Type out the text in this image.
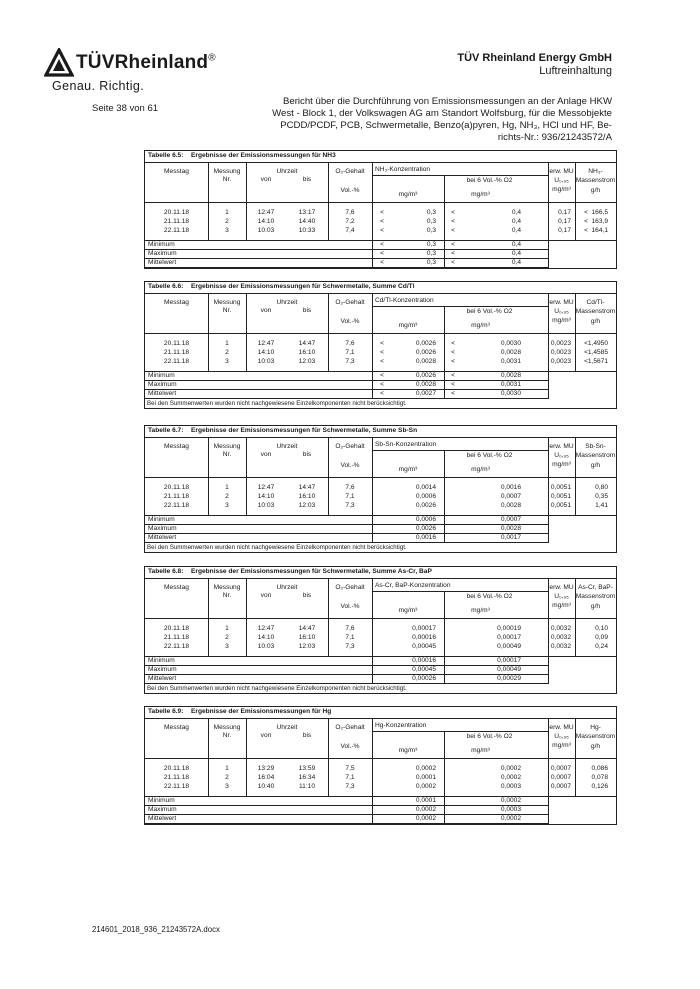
TÜVRheinland®
Genau. Richtig.
TÜV Rheinland Energy GmbH
Luftreinhaltung
Seite 38 von 61
Bericht über die Durchführung von Emissionsmessungen an der Anlage HKW
West - Block 1, der Volkswagen AG am Standort Wolfsburg, für die Messobjekte
PCDD/PCDF, PCB, Schwermetalle, Benzo(a)pyren, Hg, NH₃, HCl und HF, Be-
richts-Nr.: 936/21243572/A
Tabelle 6.5: Ergebnisse der Emissionsmessungen für NH3
Messtag	Messung
Nr.
Uhrzeit
von	bis
O₂-Gehalt
Vol.-%
NH₃-Konzentration
bei 6 Vol.-% O2
mg/m³	mg/m³
erw. MU
U₀,₉₅
mg/m³
NH₃-
Massenstrom
g/h
20.11.18	1	12:47	13:17	7,6	<	0,3	<	0,4	0,17	< 166,5
21.11.18	2	14:10	14:40	7,2	<	0,3	<	0,4	0,17	< 163,9
22.11.18	3	10:03	10:33	7,4	<	0,3	<	0,4	0,17	< 164,1
Minimum	<	0,3	<	0,4
Maximum	<	0,3	<	0,4
Mittelwert	<	0,3	<	0,4
Tabelle 6.6: Ergebnisse der Emissionsmessungen für Schwermetalle, Summe Cd/Tl
Messtag	Messung
Nr.
Uhrzeit
von	bis
O₂-Gehalt
Vol.-%
Cd/Tl-Konzentration
bei 6 Vol.-% O2
mg/m³	mg/m³
erw. MU
U₀,₉₅
mg/m³
Cd/Tl-
Massenstrom
g/h
20.11.18	1	12:47	14:47	7,6	<	0,0026	<	0,0030	0,0023	< 1,4950
21.11.18	2	14:10	16:10	7,1	<	0,0026	<	0,0028	0,0023	< 1,4585
22.11.18	3	10:03	12:03	7,3	<	0,0028	<	0,0031	0,0023	< 1,5671
Minimum	<	0,0026	<	0,0028
Maximum	<	0,0028	<	0,0031
Mittelwert	<	0,0027	<	0,0030
Bei den Summenwerten wurden nicht nachgewiesene Einzelkomponenten nicht berücksichtigt.
Tabelle 6.7: Ergebnisse der Emissionsmessungen für Schwermetalle, Summe Sb-Sn
Messtag	Messung
Nr.
Uhrzeit
von	bis
O₂-Gehalt
Vol.-%
Sb-Sn-Konzentration
bei 6 Vol.-% O2
mg/m³	mg/m³
erw. MU
U₀,₉₅
mg/m³
Sb-Sn-
Massenstrom
g/h
20.11.18	1	12:47	14:47	7,6	0,0014	0,0016	0,0051	0,80
21.11.18	2	14:10	16:10	7,1	0,0006	0,0007	0,0051	0,35
22.11.18	3	10:03	12:03	7,3	0,0026	0,0028	0,0051	1,41
Minimum	0,0006	0,0007
Maximum	0,0026	0,0028
Mittelwert	0,0016	0,0017
Bei den Summenwerten wurden nicht nachgewiesene Einzelkomponenten nicht berücksichtigt.
Tabelle 6.8: Ergebnisse der Emissionsmessungen für Schwermetalle, Summe As-Cr, BaP
Messtag	Messung
Nr.
Uhrzeit
von	bis
O₂-Gehalt
Vol.-%
As-Cr, BaP-Konzentration
bei 6 Vol.-% O2
mg/m³	mg/m³
erw. MU
U₀,₉₅
mg/m³
As-Cr, BaP-
Massenstrom
g/h
20.11.18	1	12:47	14:47	7,6	0,00017	0,00019	0,0032	0,10
21.11.18	2	14:10	16:10	7,1	0,00016	0,00017	0,0032	0,09
22.11.18	3	10:03	12:03	7,3	0,00045	0,00049	0,0032	0,24
Minimum	0,00016	0,00017
Maximum	0,00045	0,00049
Mittelwert	0,00026	0,00029
Bei den Summenwerten wurden nicht nachgewiesene Einzelkomponenten nicht berücksichtigt.
Tabelle 6.9: Ergebnisse der Emissionsmessungen für Hg
Messtag	Messung
Nr.
Uhrzeit
von	bis
O₂-Gehalt
Vol.-%
Hg-Konzentration
bei 6 Vol.-% O2
mg/m³	mg/m³
erw. MU
U₀,₉₅
mg/m³
Hg-
Massenstrom
g/h
20.11.18	1	13:29	13:59	7,5	0,0002	0,0002	0,0007	0,086
21.11.18	2	16:04	16:34	7,1	0,0001	0,0002	0,0007	0,078
22.11.18	3	10:40	11:10	7,3	0,0002	0,0003	0,0007	0,126
Minimum	0,0001	0,0002
Maximum	0,0002	0,0003
Mittelwert	0,0002	0,0002
214601_2018_936_21243572A.docx
